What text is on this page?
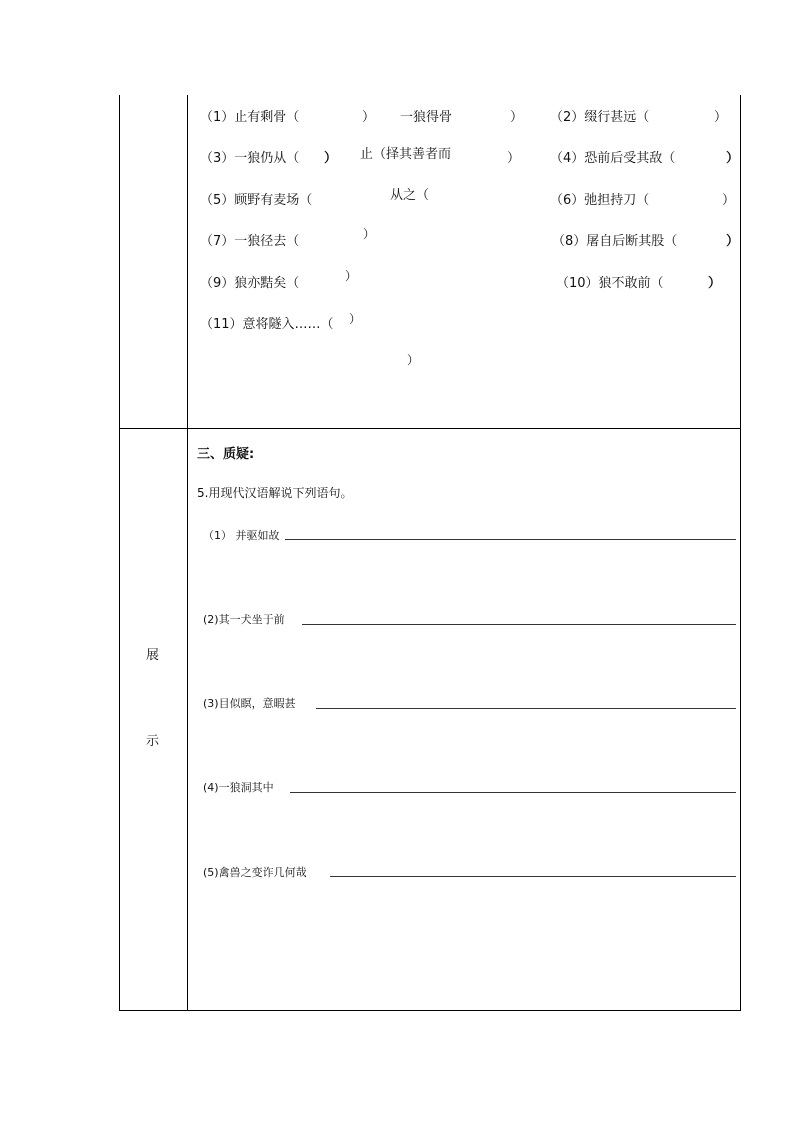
（1）止有剩骨（	） 一狼得骨	） （2）缀行甚远（	）
（3）一狼仍从（ ） 止（择其善者而	） （4）恐前后受其敌（	）
（5）顾野有麦场（	从之（	（6）弛担持刀（	）
（7）一狼径去（	）	（8）屠自后断其股（	）
（9）狼亦黠矣（	）	（10）狼不敢前（	）
（11）意将隧入……（ ）
）
展
示
三、质疑:
5.用现代汉语解说下列语句。
（1） 并驱如故
(2)其一犬坐于前
(3)目似瞑，意暇甚
(4)一狼洞其中
(5)禽兽之变诈几何哉
